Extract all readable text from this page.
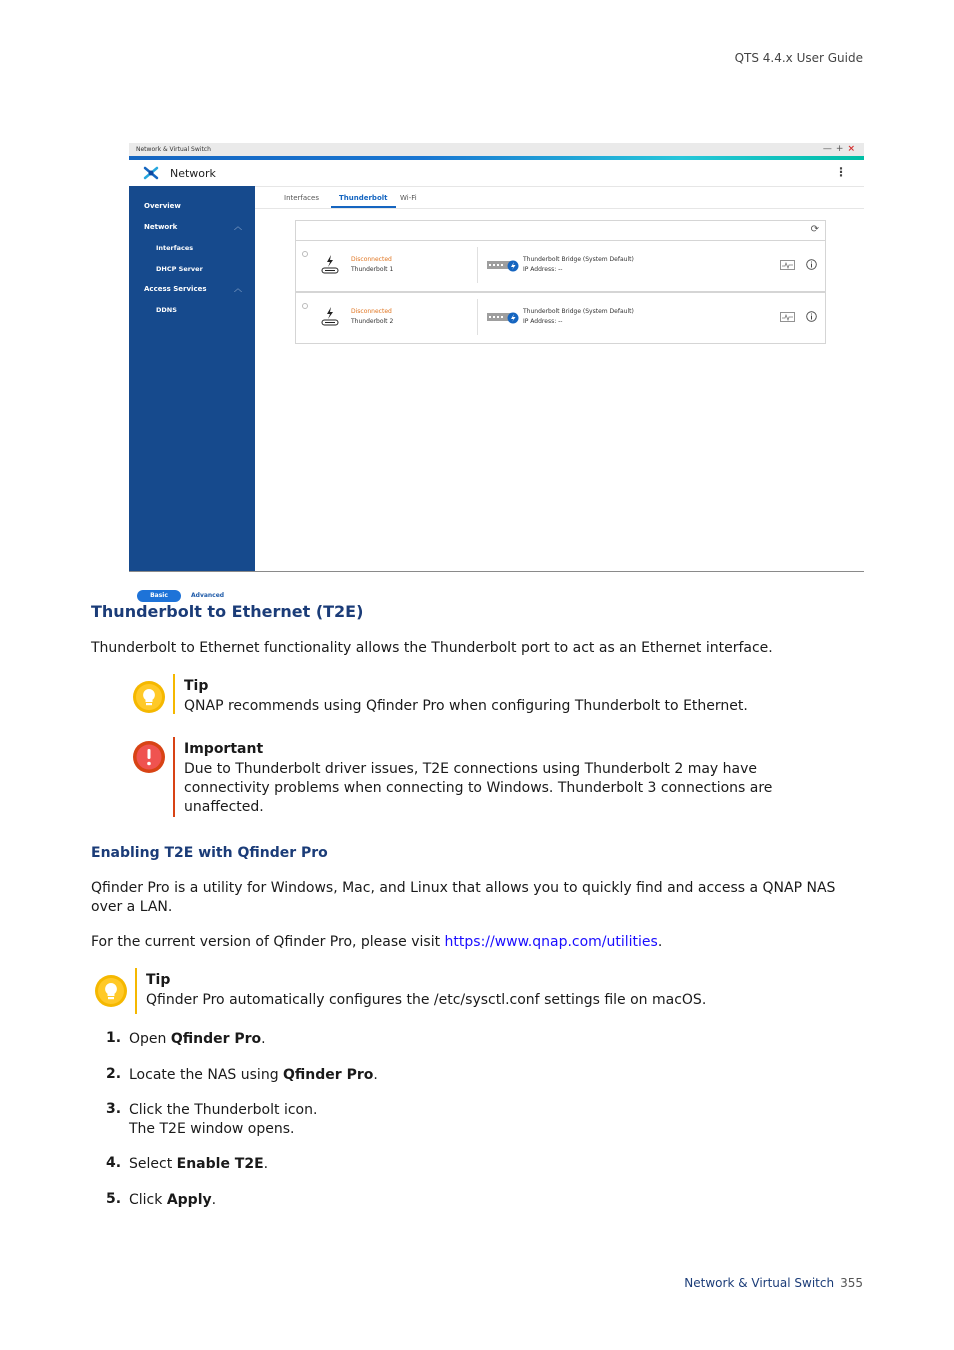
QTS 4.4.x User Guide
Network & Virtual Switch	—+×
Network	⋮
Overview
Network	︿
Interfaces
DHCP Server
Access Services	︿
DDNS
Basic	Advanced
Interfaces	Thunderbolt Wi-Fi
⟳
Disconnected
Thunderbolt 1
Thunderbolt Bridge (System Default)
IP Address: --
Disconnected
Thunderbolt 2
Thunderbolt Bridge (System Default)
IP Address: --
Thunderbolt to Ethernet (T2E)

Thunderbolt to Ethernet functionality allows the Thunderbolt port to act as an Ethernet interface.

Tip
QNAP recommends using Qfinder Pro when configuring Thunderbolt to Ethernet.
Important
Due to Thunderbolt driver issues, T2E connections using Thunderbolt 2 may have connectivity problems when connecting to Windows. Thunderbolt 3 connections are unaffected.
Enabling T2E with Qfinder Pro

Qfinder Pro is a utility for Windows, Mac, and Linux that allows you to quickly find and access a QNAP NAS over a LAN.

For the current version of Qfinder Pro, please visit https://www.qnap.com/utilities.

Tip
Qfinder Pro automatically configures the /etc/sysctl.conf settings file on macOS.
1. Open Qfinder Pro.
2. Locate the NAS using Qfinder Pro.
3. Click the Thunderbolt icon.
The T2E window opens.
4. Select Enable T2E.
5. Click Apply.
Network & Virtual Switch 355
